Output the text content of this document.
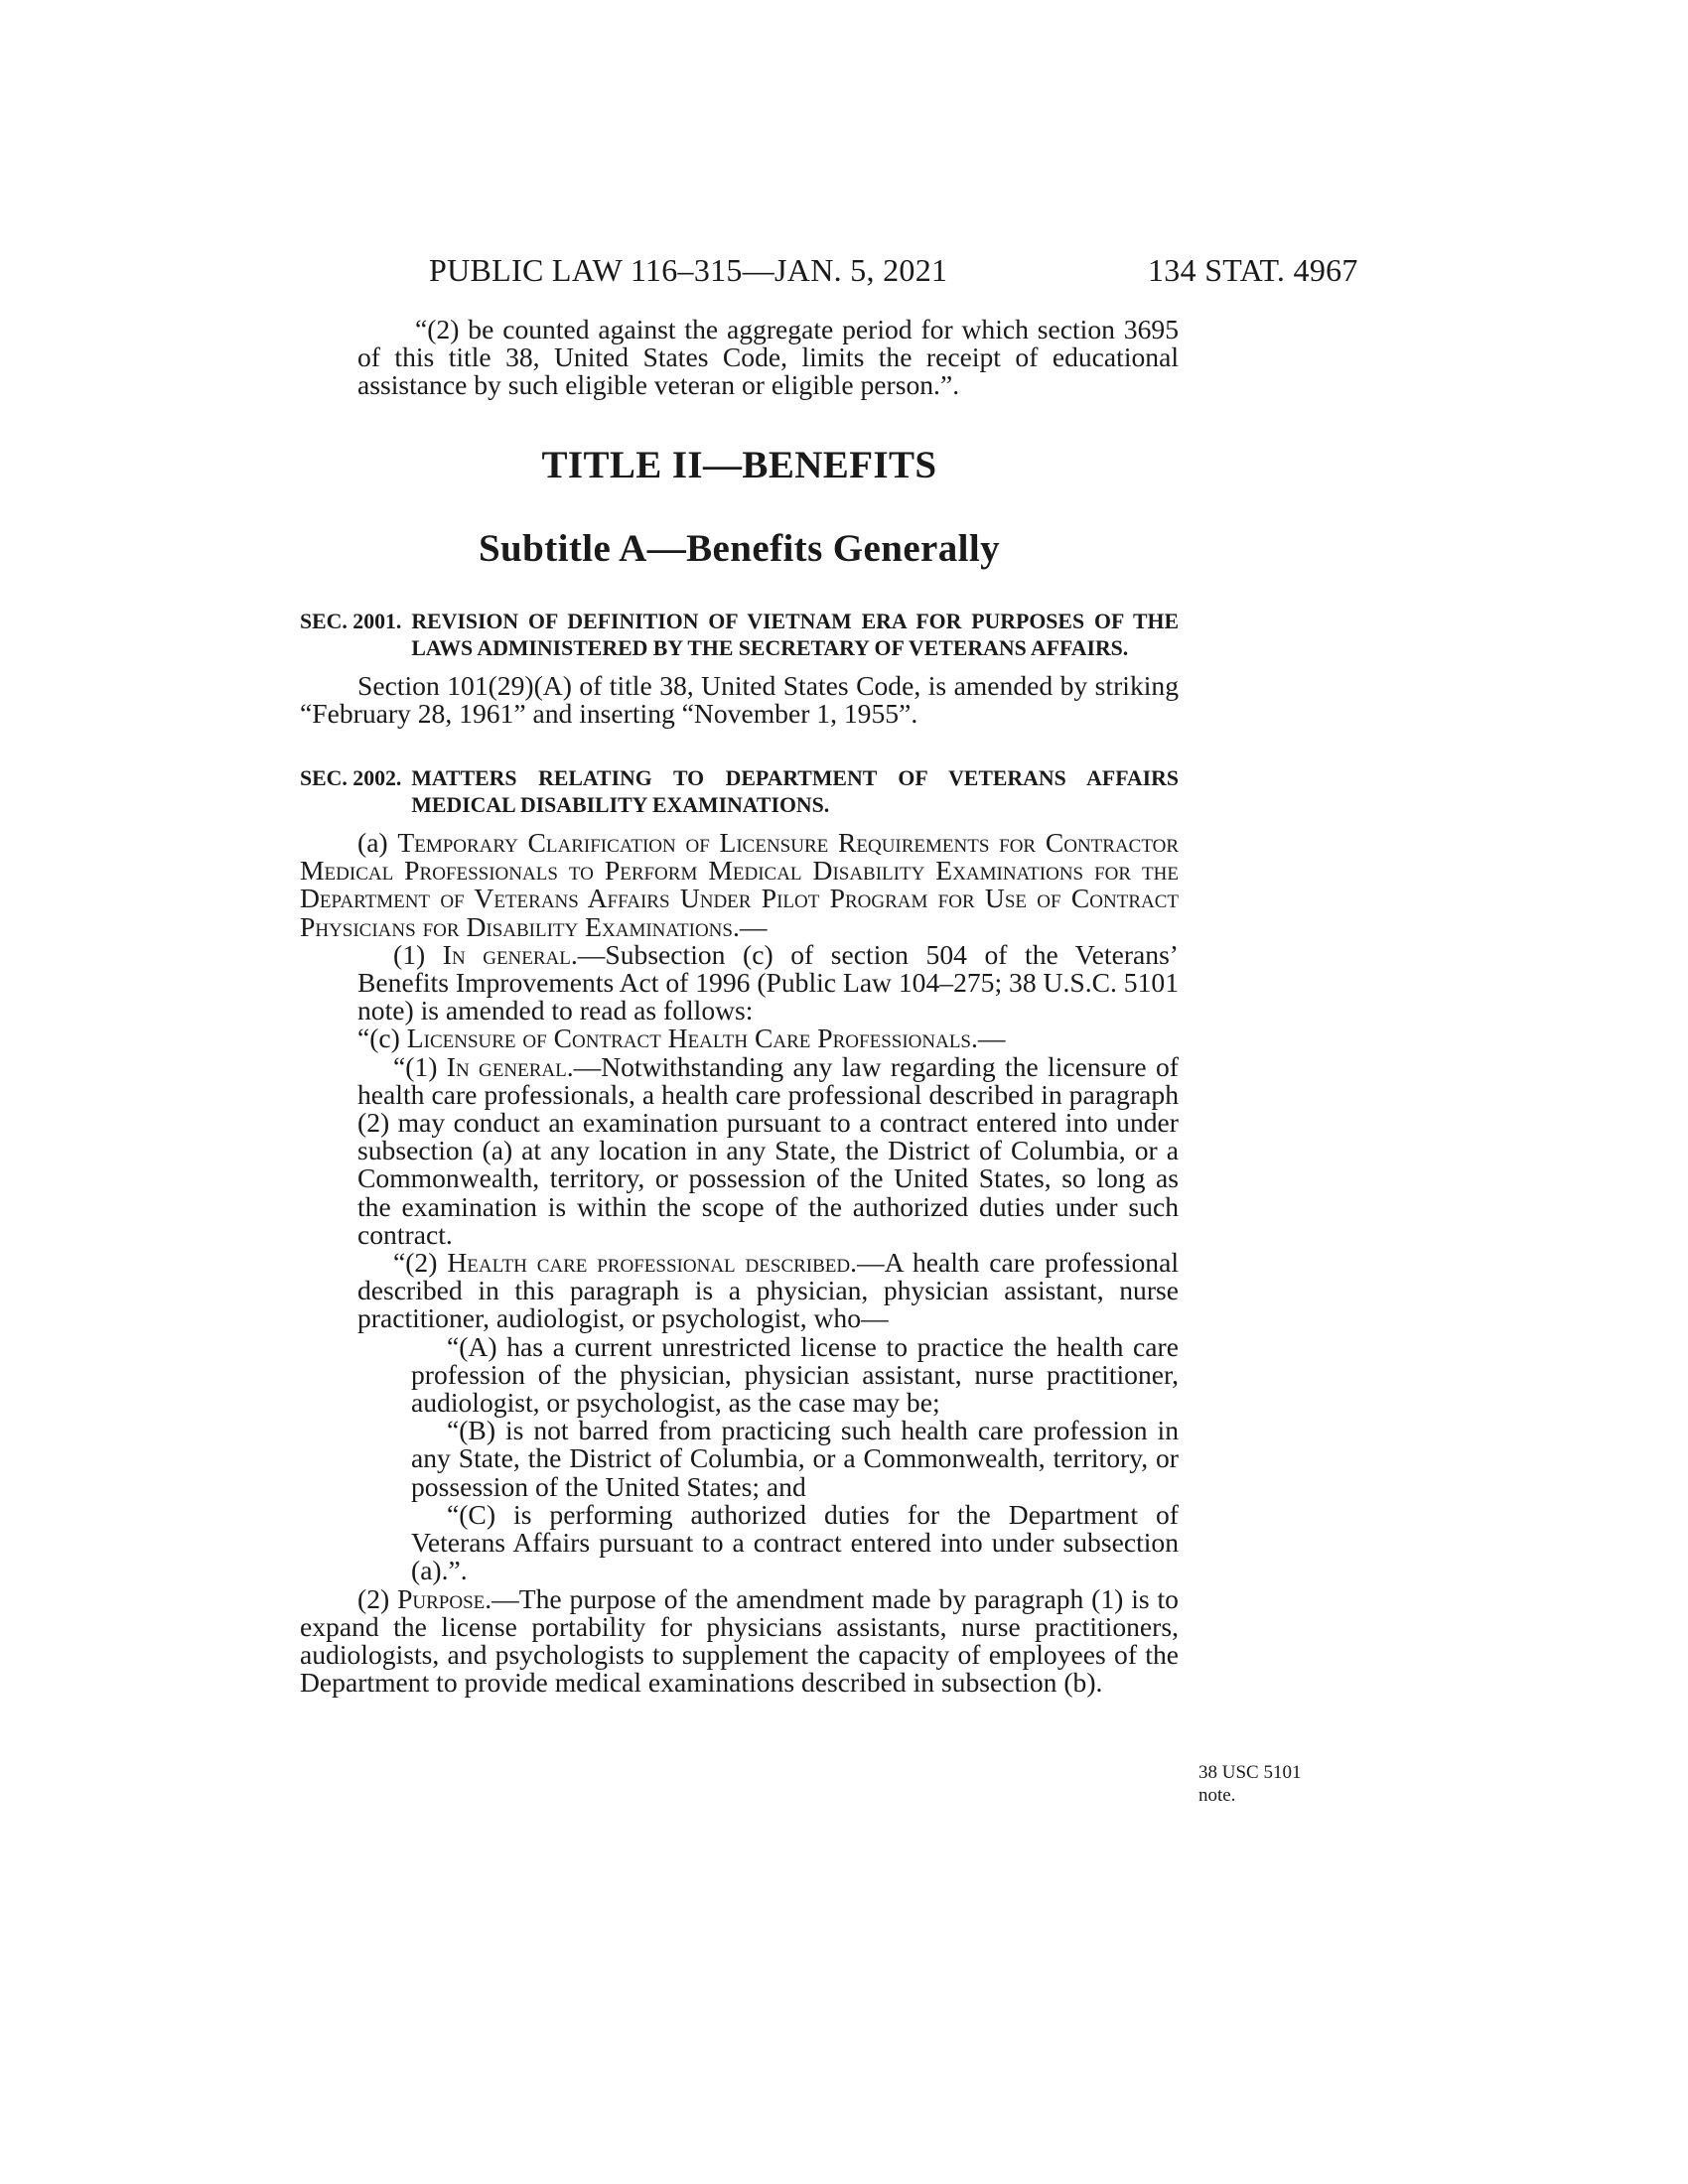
PUBLIC LAW 116–315—JAN. 5, 2021	134 STAT. 4967

“(2) be counted against the aggregate period for which section 3695 of this title 38, United States Code, limits the receipt of educational assistance by such eligible veteran or eligible person.”.

TITLE II—BENEFITS

Subtitle A—Benefits Generally

SEC. 2001. REVISION OF DEFINITION OF VIETNAM ERA FOR PURPOSES OF THE LAWS ADMINISTERED BY THE SECRETARY OF VETERANS AFFAIRS.

Section 101(29)(A) of title 38, United States Code, is amended by striking “February 28, 1961” and inserting “November 1, 1955”.

SEC. 2002. MATTERS RELATING TO DEPARTMENT OF VETERANS AFFAIRS MEDICAL DISABILITY EXAMINATIONS.

(a) Temporary Clarification of Licensure Requirements for Contractor Medical Professionals to Perform Medical Disability Examinations for the Department of Veterans Affairs Under Pilot Program for Use of Contract Physicians for Disability Examinations.—

(1) In general.—Subsection (c) of section 504 of the Veterans’ Benefits Improvements Act of 1996 (Public Law 104–275; 38 U.S.C. 5101 note) is amended to read as follows:

“(c) Licensure of Contract Health Care Professionals.—

“(1) In general.—Notwithstanding any law regarding the licensure of health care professionals, a health care professional described in paragraph (2) may conduct an examination pursuant to a contract entered into under subsection (a) at any location in any State, the District of Columbia, or a Commonwealth, territory, or possession of the United States, so long as the examination is within the scope of the authorized duties under such contract.

“(2) Health care professional described.—A health care professional described in this paragraph is a physician, physician assistant, nurse practitioner, audiologist, or psychologist, who—

“(A) has a current unrestricted license to practice the health care profession of the physician, physician assistant, nurse practitioner, audiologist, or psychologist, as the case may be;

“(B) is not barred from practicing such health care profession in any State, the District of Columbia, or a Commonwealth, territory, or possession of the United States; and

“(C) is performing authorized duties for the Department of Veterans Affairs pursuant to a contract entered into under subsection (a).”.

(2) Purpose.—The purpose of the amendment made by paragraph (1) is to expand the license portability for physicians assistants, nurse practitioners, audiologists, and psychologists to supplement the capacity of employees of the Department to provide medical examinations described in subsection (b).

38 USC 5101 note.
